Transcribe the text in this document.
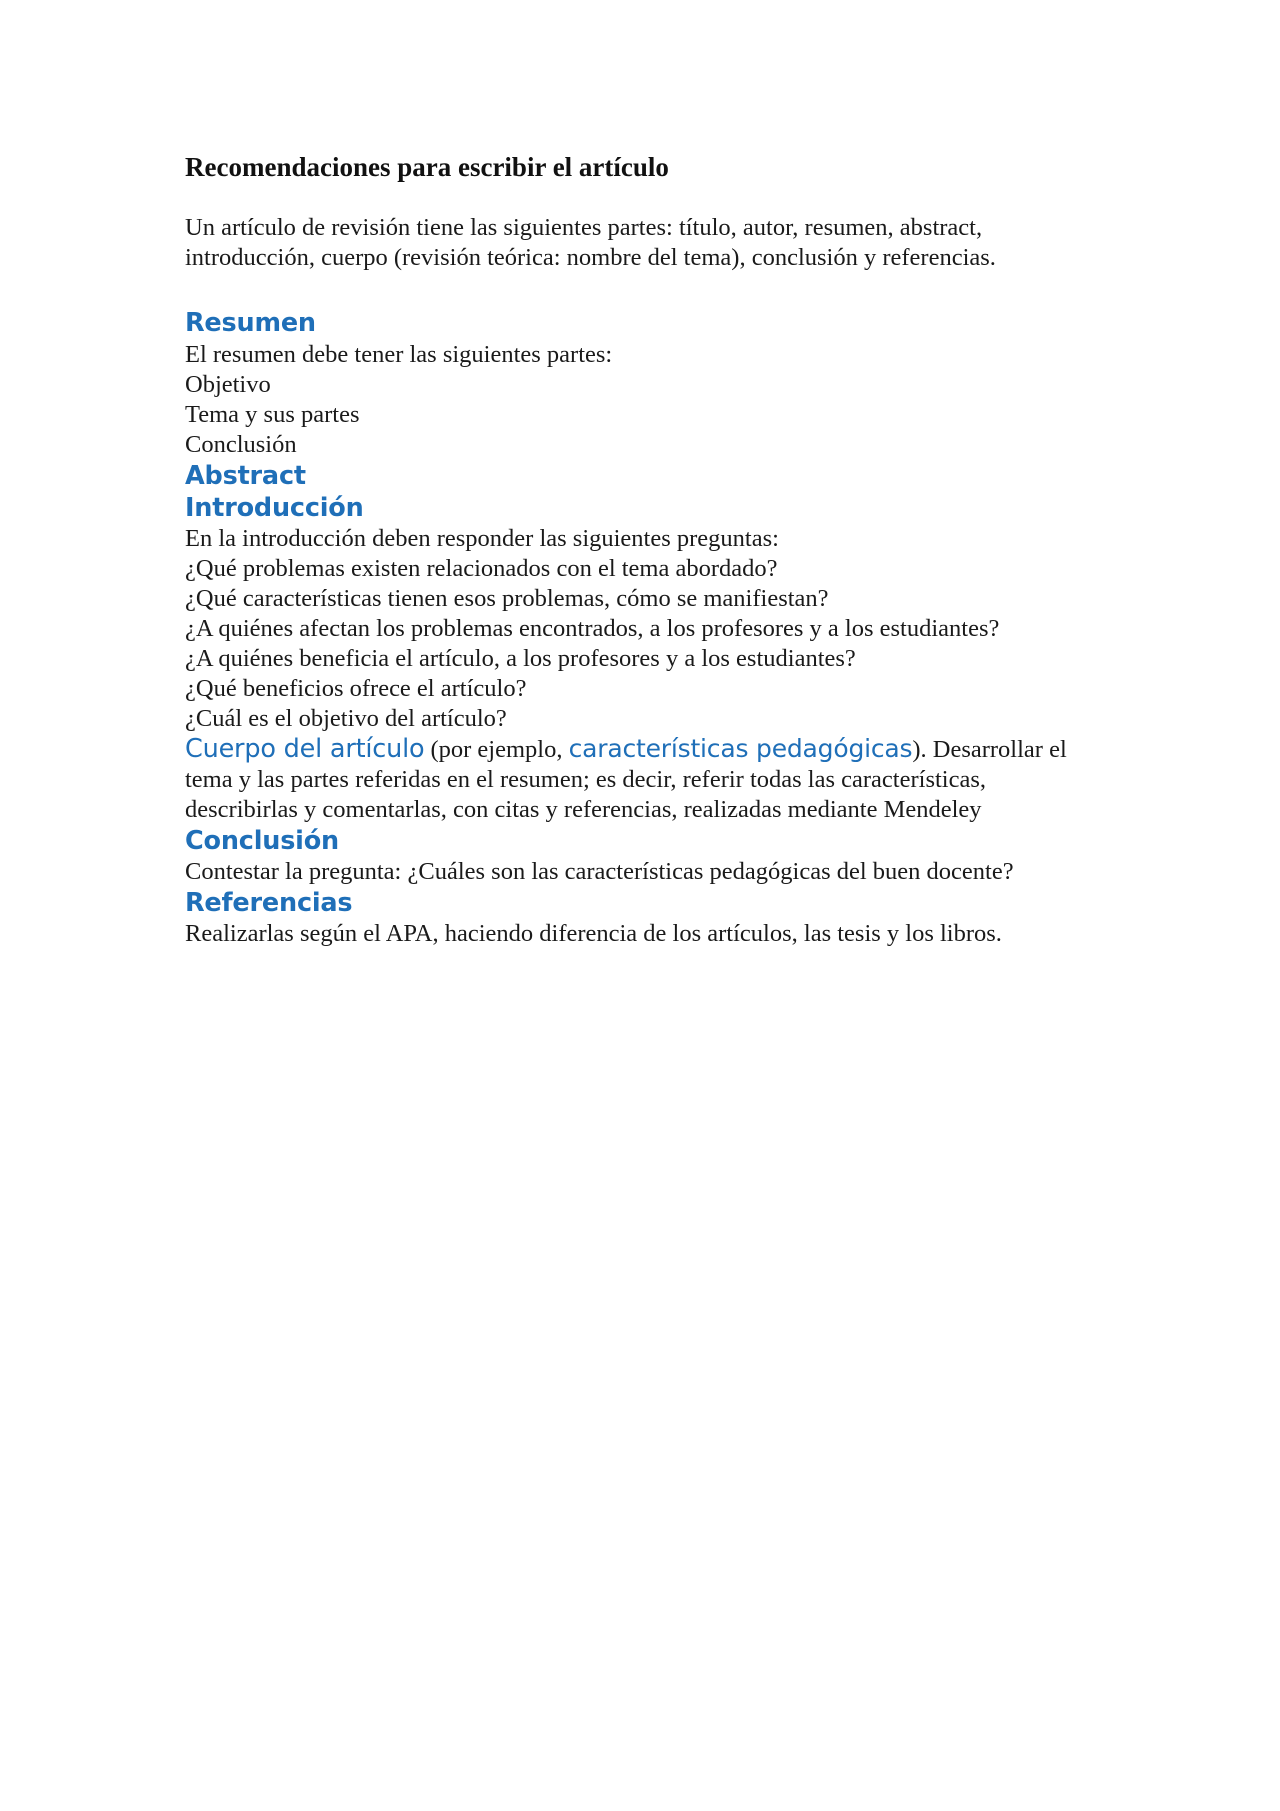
Recomendaciones para escribir el artículo

Un artículo de revisión tiene las siguientes partes: título, autor, resumen, abstract, introducción, cuerpo (revisión teórica: nombre del tema), conclusión y referencias.

Resumen

El resumen debe tener las siguientes partes:

Objetivo

Tema y sus partes

Conclusión

Abstract
Introducción

En la introducción deben responder las siguientes preguntas:

¿Qué problemas existen relacionados con el tema abordado?

¿Qué características tienen esos problemas, cómo se manifiestan?

¿A quiénes afectan los problemas encontrados, a los profesores y a los estudiantes?

¿A quiénes beneficia el artículo, a los profesores y a los estudiantes?

¿Qué beneficios ofrece el artículo?

¿Cuál es el objetivo del artículo?

Cuerpo del artículo (por ejemplo, características pedagógicas). Desarrollar el tema y las partes referidas en el resumen; es decir, referir todas las características, describirlas y comentarlas, con citas y referencias, realizadas mediante Mendeley

Conclusión

Contestar la pregunta: ¿Cuáles son las características pedagógicas del buen docente?

Referencias

Realizarlas según el APA, haciendo diferencia de los artículos, las tesis y los libros.
